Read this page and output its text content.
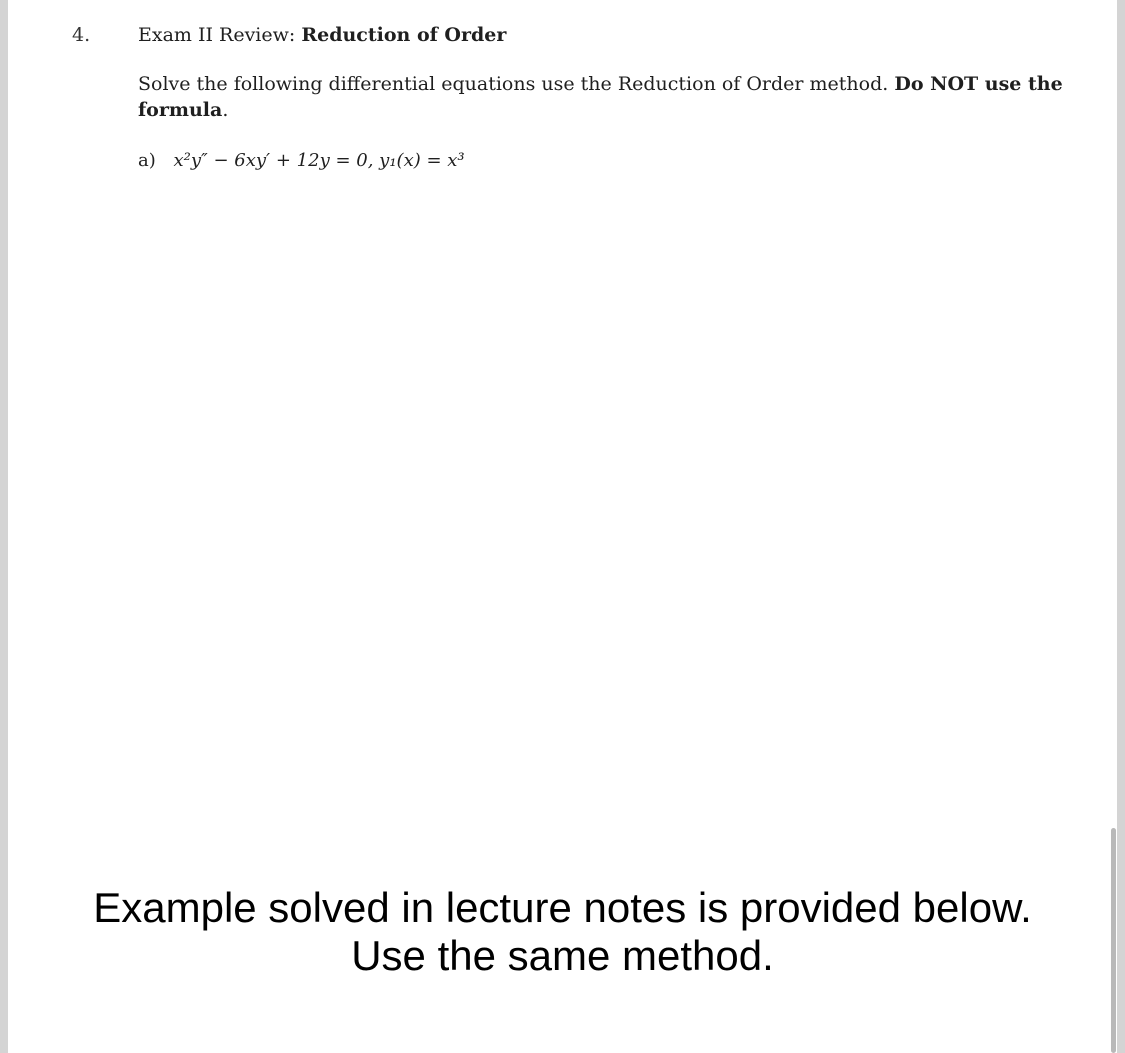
4.	Exam II Review: Reduction of Order
Solve the following differential equations use the Reduction of Order method. Do NOT use the
formula.
a) x²y″ − 6xy′ + 12y = 0, y₁(x) = x³
Example solved in lecture notes is provided below.
Use the same method.
